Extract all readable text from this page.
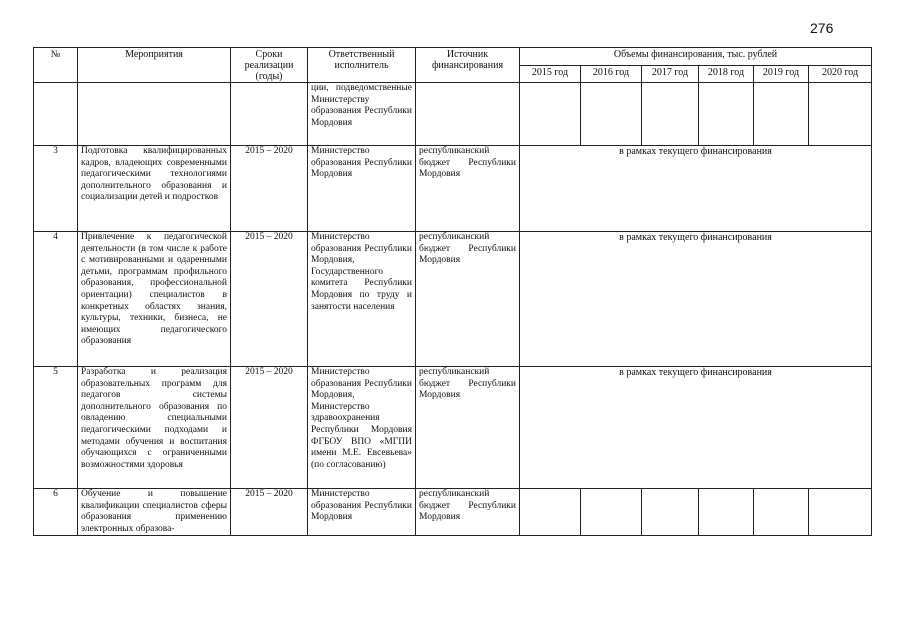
276
№	Мероприятия	Сроки реализации (годы)	Ответственный исполнитель	Источник финансирования	Объемы финансирования, тыс. рублей					
					2015 год	2016 год	2017 год	2018 год	2019 год	2020 год
			ции, подведомственные Министерству образования Республики Мордовия							
3	Подготовка квалифицированных кадров, владеющих современными педагогическими технологиями дополнительного образования и социализации детей и подростков	2015 – 2020	Министерство образования Республики Мордовия	республиканский бюджет Республики Мордовия	в рамках текущего финансирования					
4	Привлечение к педагогической деятельности (в том числе к работе с мотивированными и одаренными детьми, программам профильного образования, профессиональной ориентации) специалистов в конкретных областях знания, культуры, техники, бизнеса, не имеющих педагогического образования	2015 – 2020	Министерство образования Республики Мордовия, Государственного комитета Республики Мордовия по труду и занятости населения	республиканский бюджет Республики Мордовия	в рамках текущего финансирования					
5	Разработка и реализация образовательных программ для педагогов системы дополнительного образования по овладению специальными педагогическими подходами и методами обучения и воспитания обучающихся с ограниченными возможностями здоровья	2015 – 2020	Министерство образования Республики Мордовия, Министерство здравоохранения Республики Мордовия ФГБОУ ВПО «МГПИ имени М.Е. Евсевьева» (по согласованию)	республиканский бюджет Республики Мордовия	в рамках текущего финансирования					
6	Обучение и повышение квалификации специалистов сферы образования применению электронных образова-	2015 – 2020	Министерство образования Республики Мордовия	республиканский бюджет Республики Мордовия						
